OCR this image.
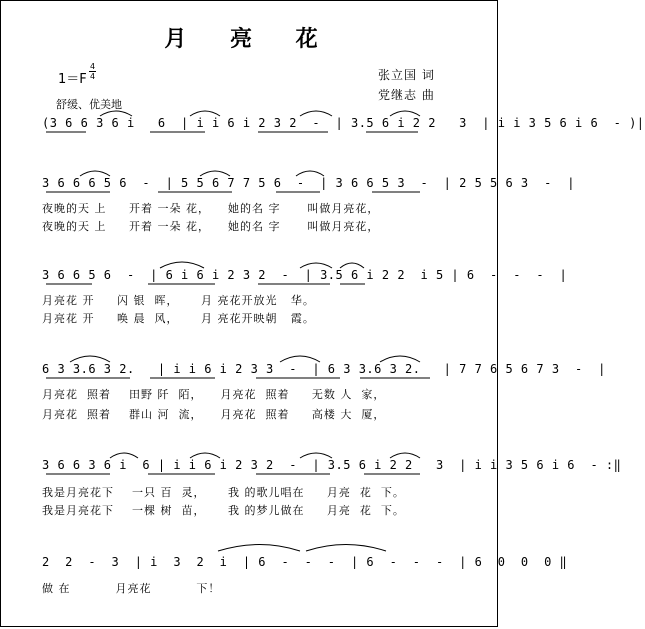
月 亮 花
1＝F
4
4
舒缓、优美地
张立国 词
党继志 曲
(3 6 6 3 6 i   6  | i i 6 i 2 3 2  -  | 3.5 6 i 2 2   3  | i i 3 5 6 i 6  - )|
3 6 6 6 5 6  -  | 5 5 6 7 7 5 6  -  | 3 6 6 5 3  -  | 2 5 5 6 3  -  |
夜晚的天 上     开着 一朵 花，    她的名 字      叫做月亮花，
夜晚的天 上     开着 一朵 花，    她的名 字      叫做月亮花，
3 6 6 5 6  -  | 6 i 6 i 2 3 2  -  | 3.5 6 i 2 2  i 5 | 6  -  -  -  |
月亮花 开     闪 银  晖，     月 亮花开放光   华。
月亮花 开     唤 晨  风，     月 亮花开映朝   霞。
6 3 3.6 3 2.   | i i 6 i 2 3 3  -  | 6 3 3.6 3 2.   | 7 7 6 5 6 7 3  -  |
月亮花  照着    田野 阡  陌，    月亮花  照着     无数 人  家，
月亮花  照着    群山 河  流，    月亮花  照着     高楼 大  厦，
3 6 6 3 6 i  6 | i i 6 i 2 3 2  -  | 3.5 6 i 2 2   3  | i i 3 5 6 i 6  - :‖
我是月亮花下    一只 百  灵，     我 的歌儿唱在     月亮  花  下。
我是月亮花下    一棵 树  苗，     我 的梦儿做在     月亮  花  下。
2  2  -  3  | i  3  2  i  | 6  -  -  -  | 6  -  -  -  | 6  0  0  0 ‖
做 在          月亮花          下！
